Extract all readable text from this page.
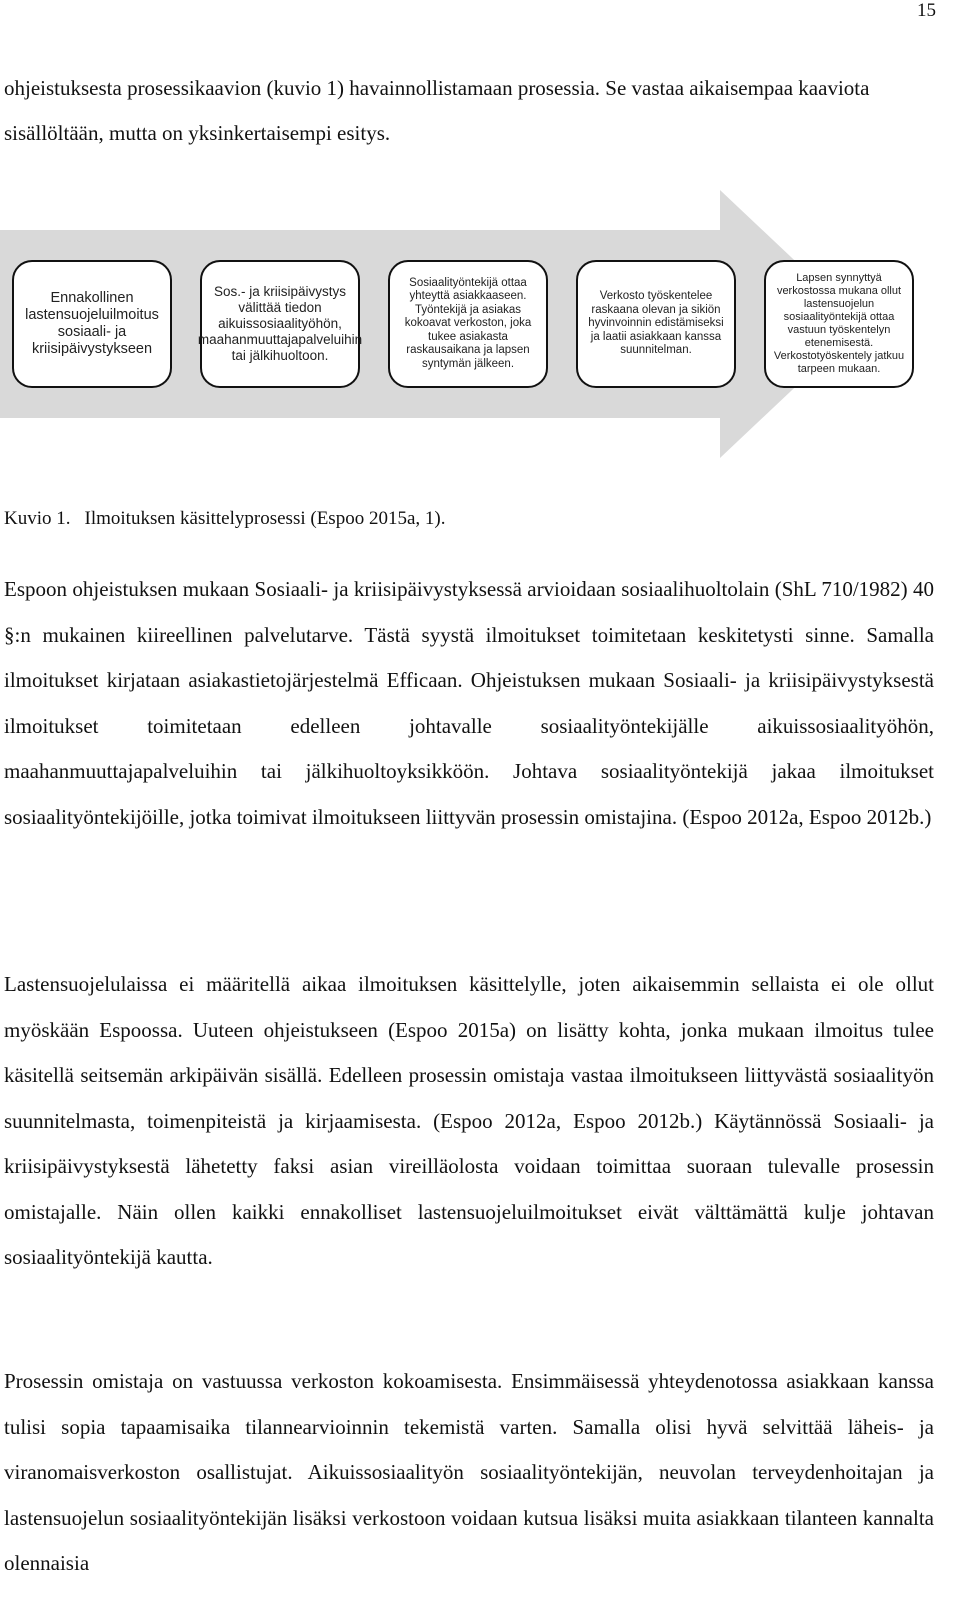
15

ohjeistuksesta prosessikaavion (kuvio 1) havainnollistamaan prosessia. Se vastaa aikaisempaa kaaviota sisällöltään, mutta on yksinkertaisempi esitys.

Ennakollinen lastensuojeluilmoitus sosiaali- ja kriisipäivystykseen
Sos.- ja kriisipäivystys välittää tiedon aikuissosiaalityöhön, maahanmuuttajapalveluihin tai jälkihuoltoon.
Sosiaalityöntekijä ottaa yhteyttä asiakkaaseen. Työntekijä ja asiakas kokoavat verkoston, joka tukee asiakasta raskausaikana ja lapsen syntymän jälkeen.
Verkosto työskentelee raskaana olevan ja sikiön hyvinvoinnin edistämiseksi ja laatii asiakkaan kanssa suunnitelman.
Lapsen synnyttyä verkostossa mukana ollut lastensuojelun sosiaalityöntekijä ottaa vastuun työskentelyn etenemisestä. Verkostotyöskentely jatkuu tarpeen mukaan.

Kuvio 1. Ilmoituksen käsittelyprosessi (Espoo 2015a, 1).

Espoon ohjeistuksen mukaan Sosiaali- ja kriisipäivystyksessä arvioidaan sosiaalihuoltolain (ShL 710/1982) 40 §:n mukainen kiireellinen palvelutarve. Tästä syystä ilmoitukset toimitetaan keskitetysti sinne. Samalla ilmoitukset kirjataan asiakastietojärjestelmä Efficaan. Ohjeistuksen mukaan Sosiaali- ja kriisipäivystyksestä ilmoitukset toimitetaan edelleen johtavalle sosiaalityöntekijälle aikuissosiaalityöhön, maahanmuuttajapalveluihin tai jälkihuoltoyksikköön. Johtava sosiaalityöntekijä jakaa ilmoitukset sosiaalityöntekijöille, jotka toimivat ilmoitukseen liittyvän prosessin omistajina. (Espoo 2012a, Espoo 2012b.)

Lastensuojelulaissa ei määritellä aikaa ilmoituksen käsittelylle, joten aikaisemmin sellaista ei ole ollut myöskään Espoossa. Uuteen ohjeistukseen (Espoo 2015a) on lisätty kohta, jonka mukaan ilmoitus tulee käsitellä seitsemän arkipäivän sisällä. Edelleen prosessin omistaja vastaa ilmoitukseen liittyvästä sosiaalityön suunnitelmasta, toimenpiteistä ja kirjaamisesta. (Espoo 2012a, Espoo 2012b.) Käytännössä Sosiaali- ja kriisipäivystyksestä lähetetty faksi asian vireilläolosta voidaan toimittaa suoraan tulevalle prosessin omistajalle. Näin ollen kaikki ennakolliset lastensuojeluilmoitukset eivät välttämättä kulje johtavan sosiaalityöntekijä kautta.

Prosessin omistaja on vastuussa verkoston kokoamisesta. Ensimmäisessä yhteydenotossa asiakkaan kanssa tulisi sopia tapaamisaika tilannearvioinnin tekemistä varten. Samalla olisi hyvä selvittää läheis- ja viranomaisverkoston osallistujat. Aikuissosiaalityön sosiaalityöntekijän, neuvolan terveydenhoitajan ja lastensuojelun sosiaalityöntekijän lisäksi verkostoon voidaan kutsua lisäksi muita asiakkaan tilanteen kannalta olennaisia
